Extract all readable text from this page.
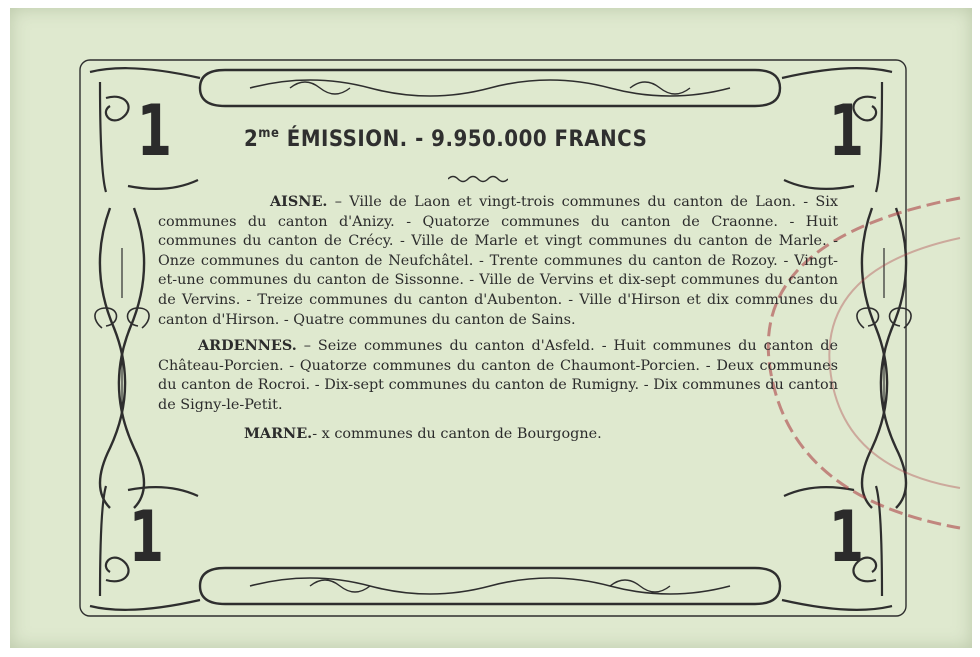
1	1
1	1
$2^{me}$ ÉMISSION. - 9.950.000 FRANCS

AISNE. – Ville de Laon et vingt-trois communes du canton de Laon. - Six communes du canton d'Anizy. - Quatorze communes du canton de Craonne. - Huit communes du canton de Crécy. - Ville de Marle et vingt communes du canton de Marle. - Onze communes du canton de Neufchâtel. - Trente communes du canton de Rozoy. - Vingt-et-une communes du canton de Sissonne. - Ville de Vervins et dix-sept communes du canton de Vervins. - Treize communes du canton d'Aubenton. - Ville d'Hirson et dix communes du canton d'Hirson. - Quatre communes du canton de Sains.

ARDENNES. – Seize communes du canton d'Asfeld. - Huit communes du canton de Château-Porcien. - Quatorze communes du canton de Chaumont-Porcien. - Deux communes du canton de Rocroi. - Dix-sept communes du canton de Rumigny. - Dix communes du canton de Signy-le-Petit.

MARNE.- x communes du canton de Bourgogne.
